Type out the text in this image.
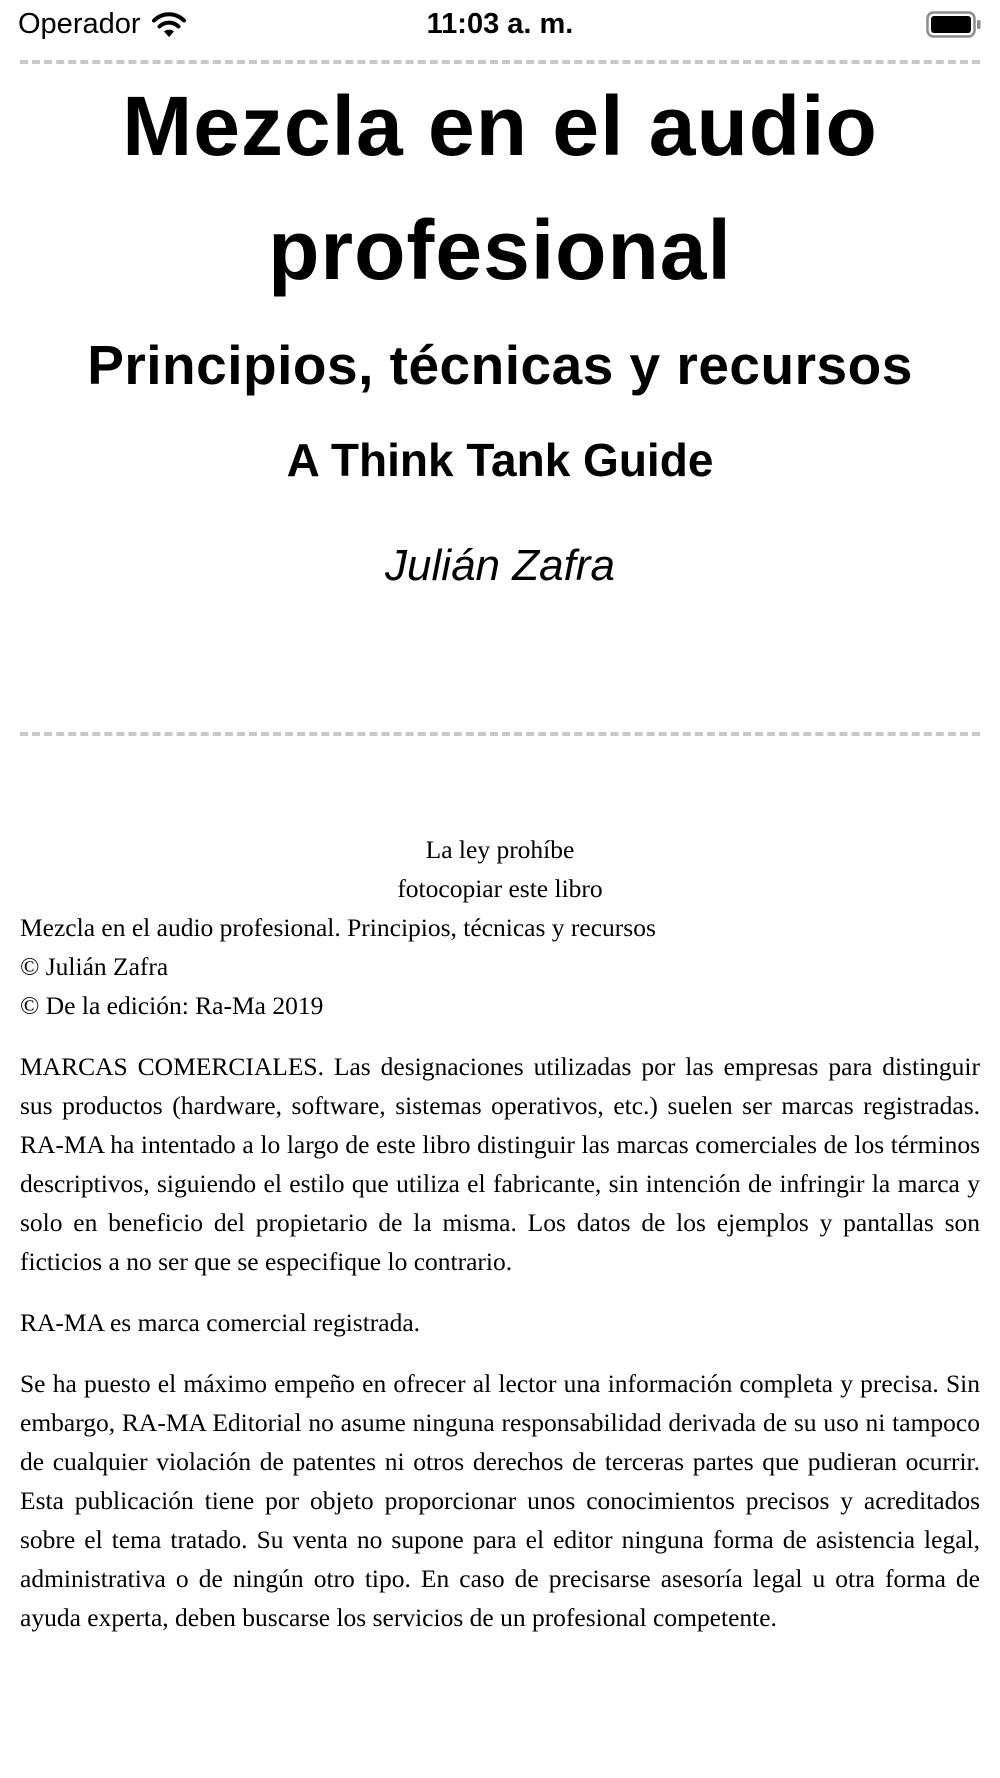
Operador	11:03 a. m.
Mezcla en el audio profesional
Principios, técnicas y recursos
A Think Tank Guide
Julián Zafra

La ley prohíbe

fotocopiar este libro

Mezcla en el audio profesional. Principios, técnicas y recursos

© Julián Zafra

© De la edición: Ra-Ma 2019

MARCAS COMERCIALES. Las designaciones utilizadas por las empresas para distinguir sus productos (hardware, software, sistemas operativos, etc.) suelen ser marcas registradas. RA-MA ha intentado a lo largo de este libro distinguir las marcas comerciales de los términos descriptivos, siguiendo el estilo que utiliza el fabricante, sin intención de infringir la marca y solo en beneficio del propietario de la misma. Los datos de los ejemplos y pantallas son ficticios a no ser que se especifique lo contrario.

RA-MA es marca comercial registrada.

Se ha puesto el máximo empeño en ofrecer al lector una información completa y precisa. Sin embargo, RA-MA Editorial no asume ninguna responsabilidad derivada de su uso ni tampoco de cualquier violación de patentes ni otros derechos de terceras partes que pudieran ocurrir. Esta publicación tiene por objeto proporcionar unos conocimientos precisos y acreditados sobre el tema tratado. Su venta no supone para el editor ninguna forma de asistencia legal, administrativa o de ningún otro tipo. En caso de precisarse asesoría legal u otra forma de ayuda experta, deben buscarse los servicios de un profesional competente.
